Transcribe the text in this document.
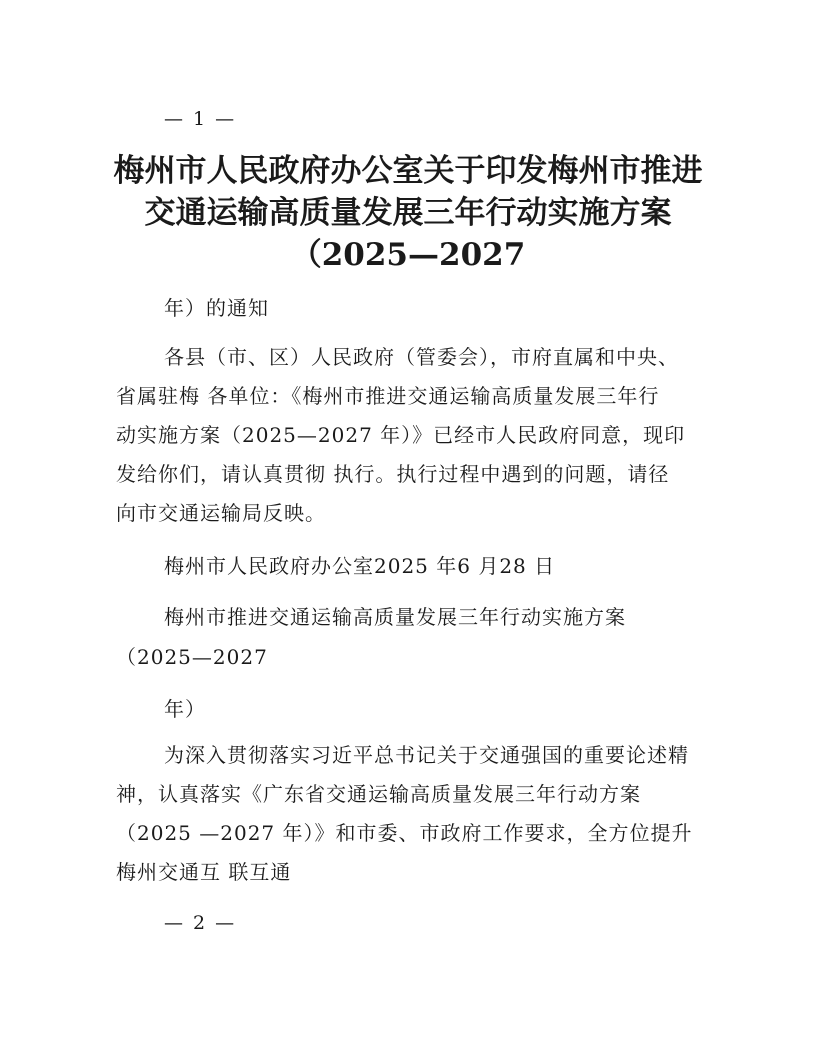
— 1 —
梅州市人民政府办公室关于印发梅州市推进
交通运输高质量发展三年行动实施方案
（2025—2027
年）的通知
各县（市、区）人民政府（管委会），市府直属和中央、
省属驻梅 各单位：《梅州市推进交通运输高质量发展三年行
动实施方案（2025—2027 年）》已经市人民政府同意，现印
发给你们，请认真贯彻 执行。执行过程中遇到的问题，请径
向市交通运输局反映。
梅州市人民政府办公室2025 年6 月28 日
梅州市推进交通运输高质量发展三年行动实施方案
（2025—2027
年）
为深入贯彻落实习近平总书记关于交通强国的重要论述精
神，认真落实《广东省交通运输高质量发展三年行动方案
（2025 —2027 年）》和市委、市政府工作要求，全方位提升
梅州交通互 联互通
— 2 —
